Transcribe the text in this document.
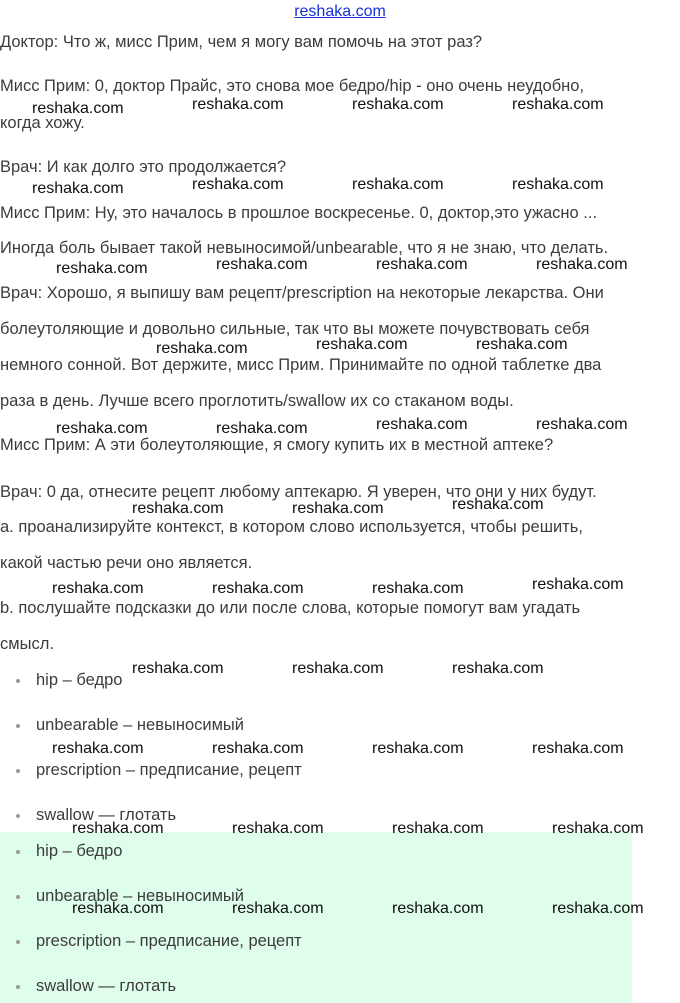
reshaka.com

Доктор: Что ж, мисс Прим, чем я могу вам помочь на этот раз?

Мисс Прим: 0, доктор Прайс, это снова мое бедро/hip - оно очень неудобно,

когда хожу.

Врач: И как долго это продолжается?

Мисс Прим: Ну, это началось в прошлое воскресенье. 0, доктор,это ужасно ...

Иногда боль бывает такой невыносимой/unbearable, что я не знаю, что делать.

Врач: Хорошо, я выпишу вам рецепт/prescription на некоторые лекарства. Они

болеутоляющие и довольно сильные, так что вы можете почувствовать себя

немного сонной. Вот держите, мисс Прим. Принимайте по одной таблетке два

раза в день. Лучше всего проглотить/swallow их со стаканом воды.

Мисс Прим: А эти болеутоляющие, я смогу купить их в местной аптеке?

Врач: 0 да, отнесите рецепт любому аптекарю. Я уверен, что они у них будут.

a. проанализируйте контекст, в котором слово используется, чтобы решить,

какой частью речи оно является.

b. послушайте подсказки до или после слова, которые помогут вам угадать

смысл.

hip – бедро
unbearable – невыносимый
prescription – предписание, рецепт
swallow — глотать
hip – бедро
unbearable – невыносимый
prescription – предписание, рецепт
swallow — глотать
reshaka.com	reshaka.com	reshaka.com	reshaka.com
reshaka.com	reshaka.com	reshaka.com	reshaka.com
reshaka.com	reshaka.com	reshaka.com	reshaka.com
reshaka.com	reshaka.com	reshaka.com
reshaka.com	reshaka.com	reshaka.com	reshaka.com
reshaka.com	reshaka.com	reshaka.com
reshaka.com	reshaka.com	reshaka.com	reshaka.com
reshaka.com	reshaka.com	reshaka.com
reshaka.com	reshaka.com	reshaka.com	reshaka.com
reshaka.com	reshaka.com	reshaka.com	reshaka.com
reshaka.com	reshaka.com	reshaka.com	reshaka.com
